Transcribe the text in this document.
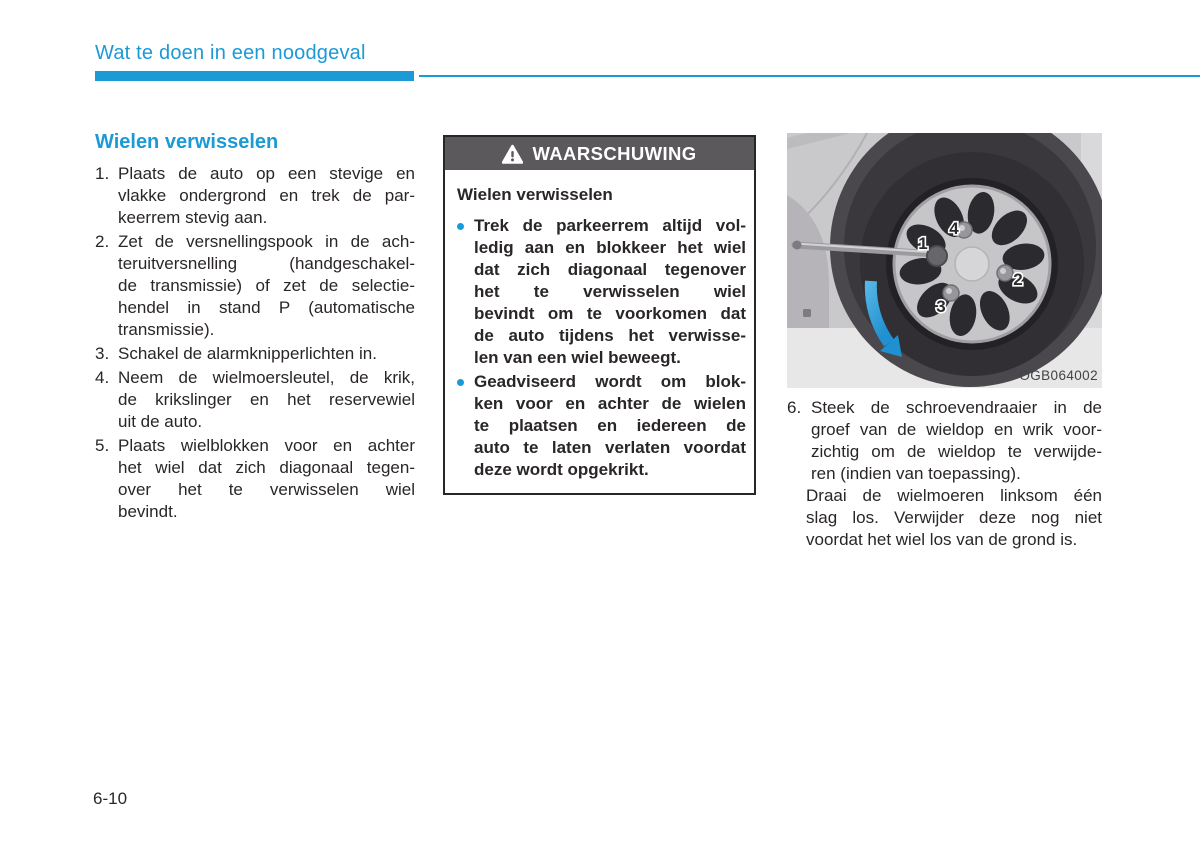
Wat te doen in een noodgeval
Wielen verwisselen
1. Plaats de auto op een stevige en
vlakke ondergrond en trek de par-
keerrem stevig aan.
2. Zet de versnellingspook in de ach-
teruitversnelling (handgeschakel-
de transmissie) of zet de selectie-
hendel in stand P (automatische
transmissie).
3. Schakel de alarmknipperlichten in.
4. Neem de wielmoersleutel, de krik,
de krikslinger en het reservewiel
uit de auto.
5. Plaats wielblokken voor en achter
het wiel dat zich diagonaal tegen-
over het te verwisselen wiel
bevindt.
WAARSCHUWING
Wielen verwisselen
Trek de parkeerrem altijd vol-
ledig aan en blokkeer het wiel
dat zich diagonaal tegenover
het te verwisselen wiel
bevindt om te voorkomen dat
de auto tijdens het verwisse-
len van een wiel beweegt.
Geadviseerd wordt om blok-
ken voor en achter de wielen
te plaatsen en iedereen de
auto te laten verlaten voordat
deze wordt opgekrikt.
1
2
3
4
OGB064002
6. Steek de schroevendraaier in de
groef van de wieldop en wrik voor-
zichtig om de wieldop te verwijde-
ren (indien van toepassing).
Draai de wielmoeren linksom één
slag los. Verwijder deze nog niet
voordat het wiel los van de grond is.
6-10
